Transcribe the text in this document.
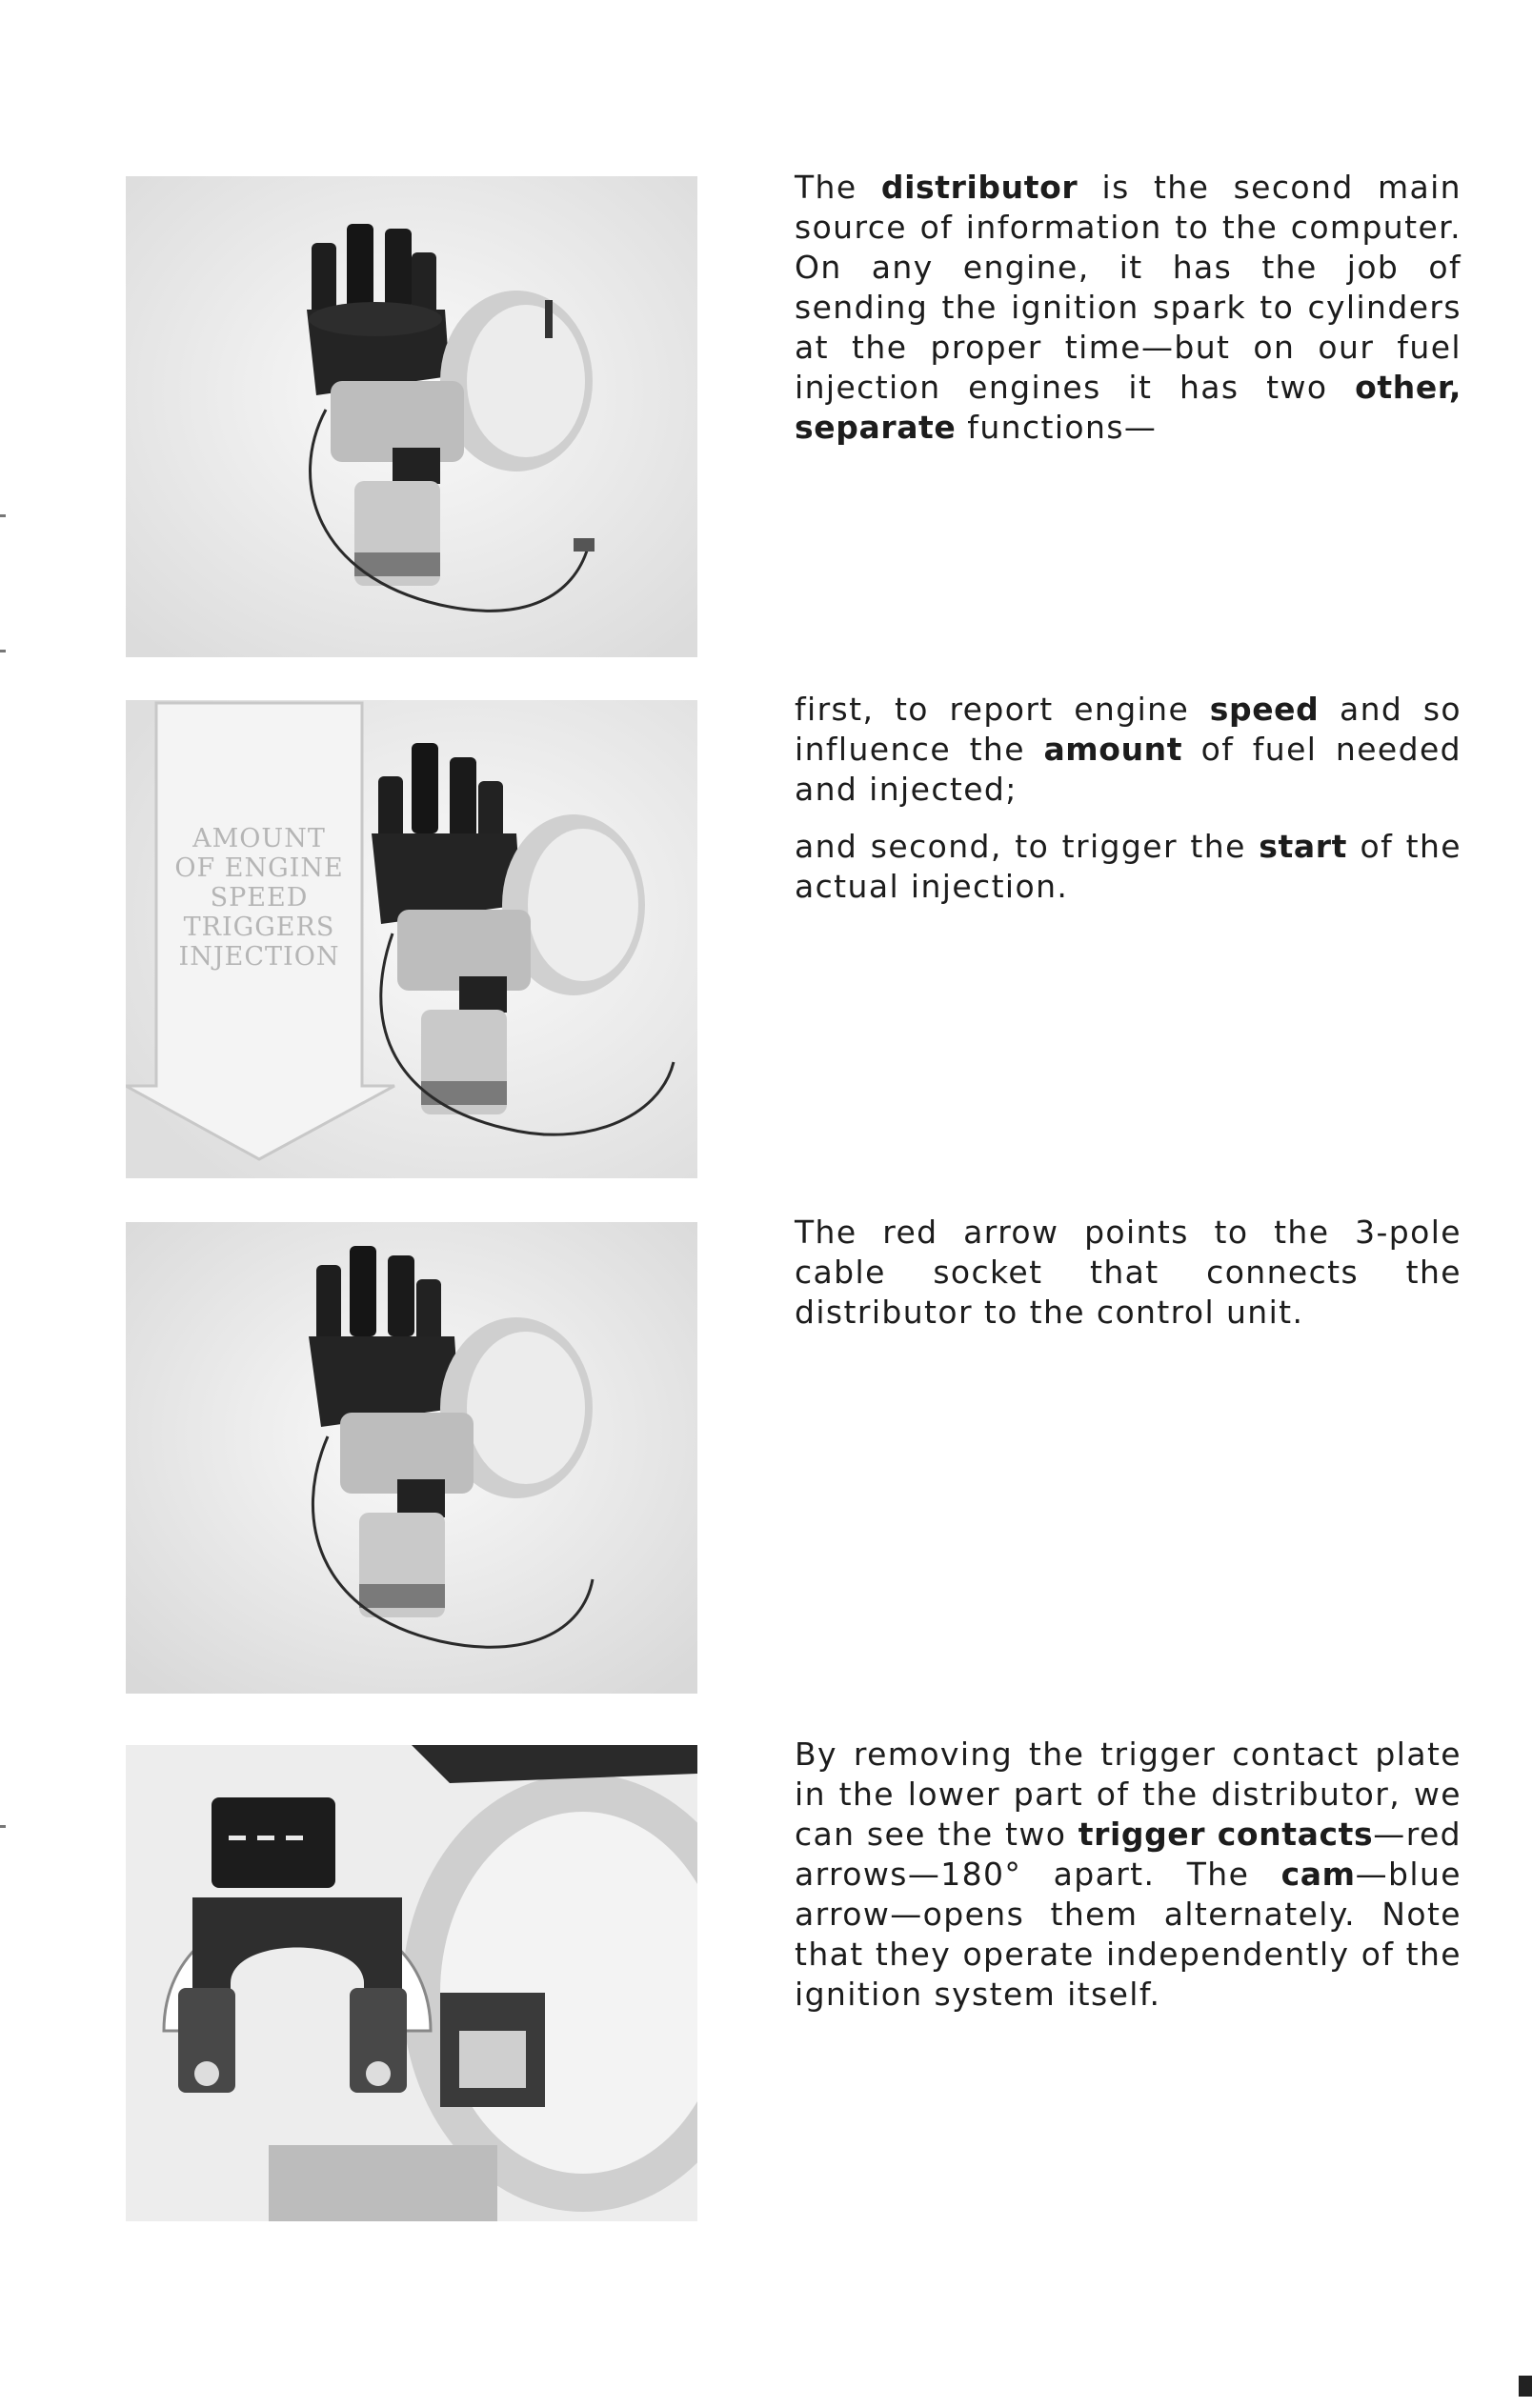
The distributor is the second main source of information to the computer. On any engine, it has the job of sending the ignition spark to cylinders at the proper time—but on our fuel injection engines it has two other, separate functions—

AMOUNT
OF ENGINE
SPEED
TRIGGERS
INJECTION

first, to report engine speed and so influence the amount of fuel needed and injected;

and second, to trigger the start of the actual injection.

The red arrow points to the 3-pole cable socket that connects the distributor to the control unit.

By removing the trigger contact plate in the lower part of the distributor, we can see the two trigger contacts—red arrows—180° apart. The cam—blue arrow—opens them alternately. Note that they operate independently of the ignition system itself.
